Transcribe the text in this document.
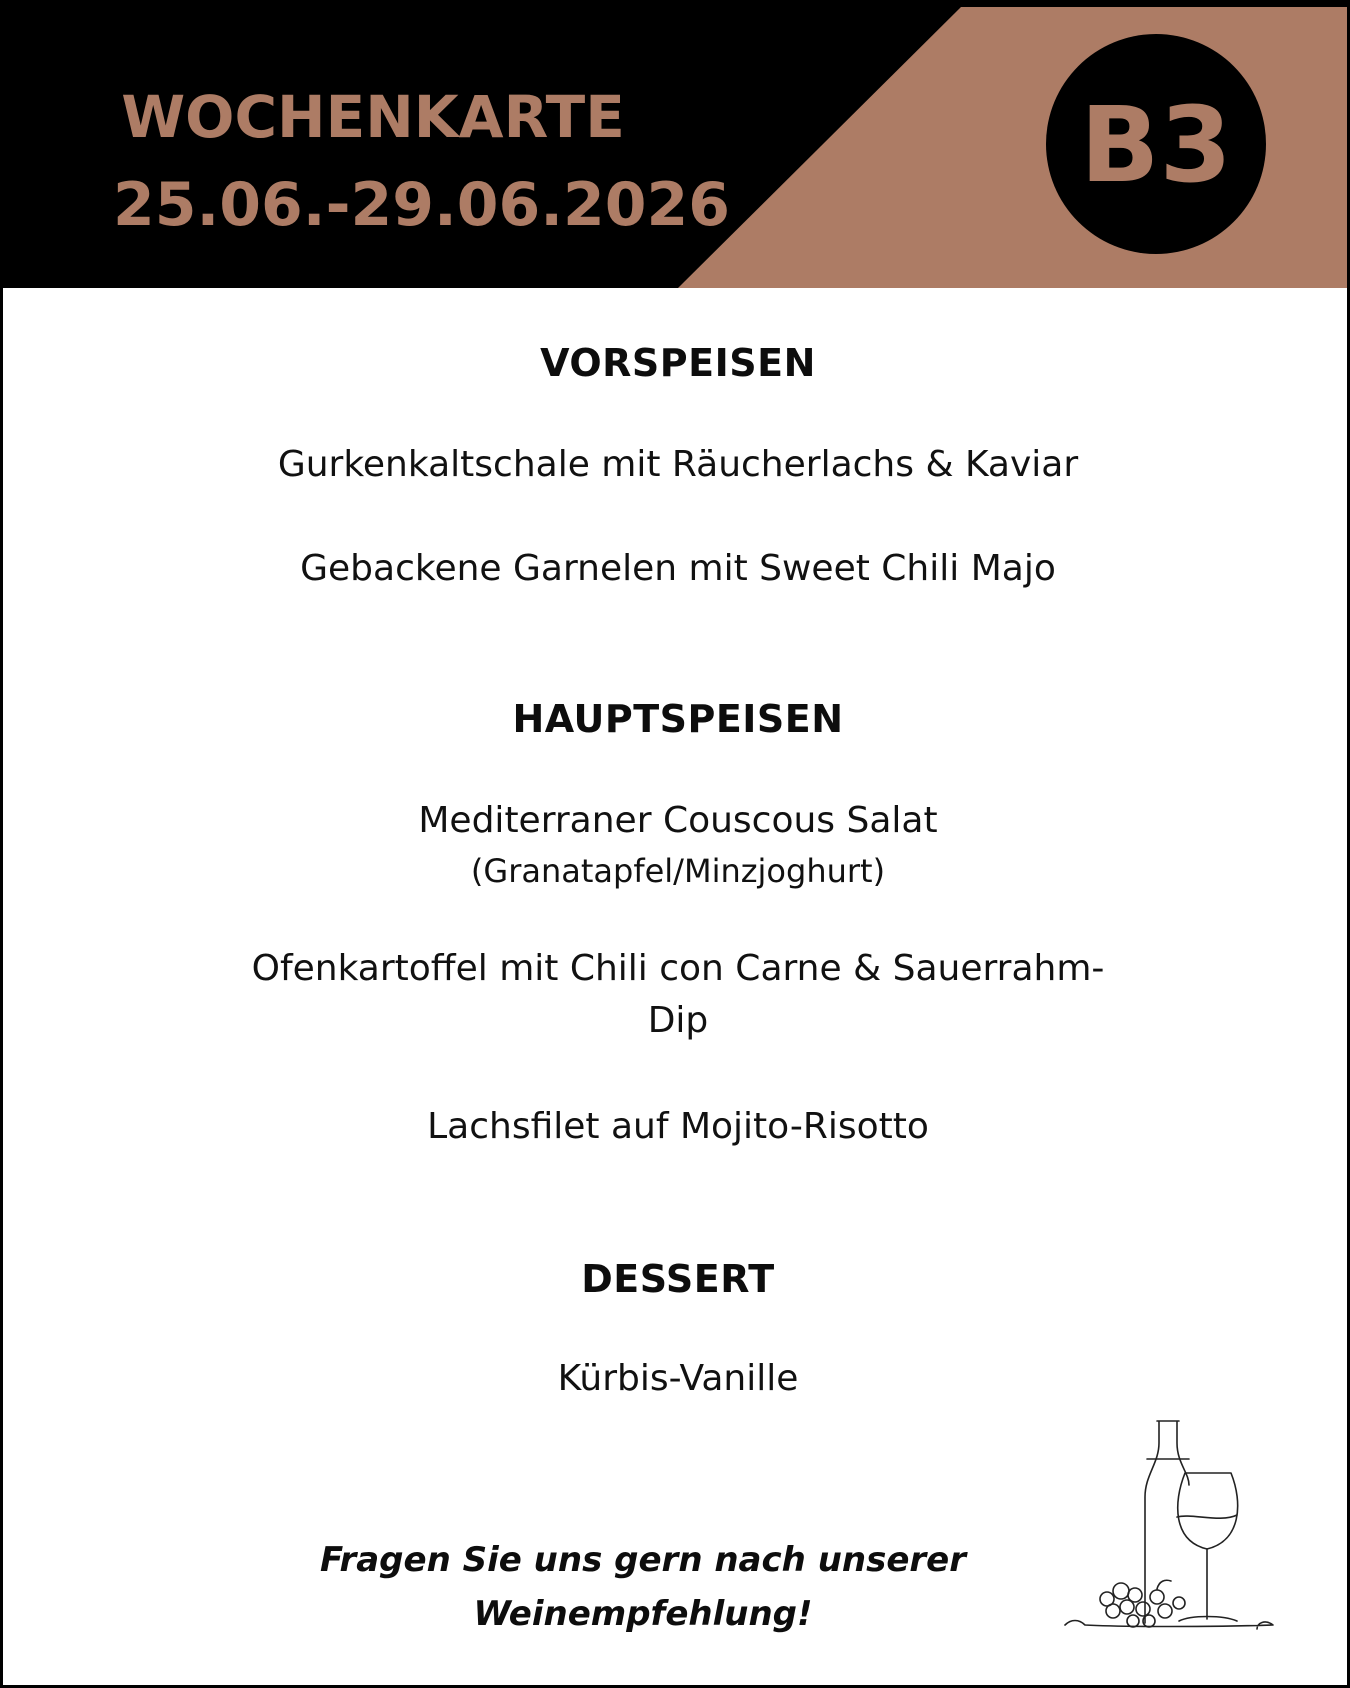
WOCHENKARTE
25.06.-29.06.2026	B3
VORSPEISEN
Gurkenkaltschale mit Räucherlachs & Kaviar
Gebackene Garnelen mit Sweet Chili Majo
HAUPTSPEISEN
Mediterraner Couscous Salat
(Granatapfel/Minzjoghurt)
Ofenkartoffel mit Chili con Carne & Sauerrahm-
Dip
Lachsfilet auf Mojito-Risotto
DESSERT
Kürbis-Vanille
Fragen Sie uns gern nach unserer
Weinempfehlung!
